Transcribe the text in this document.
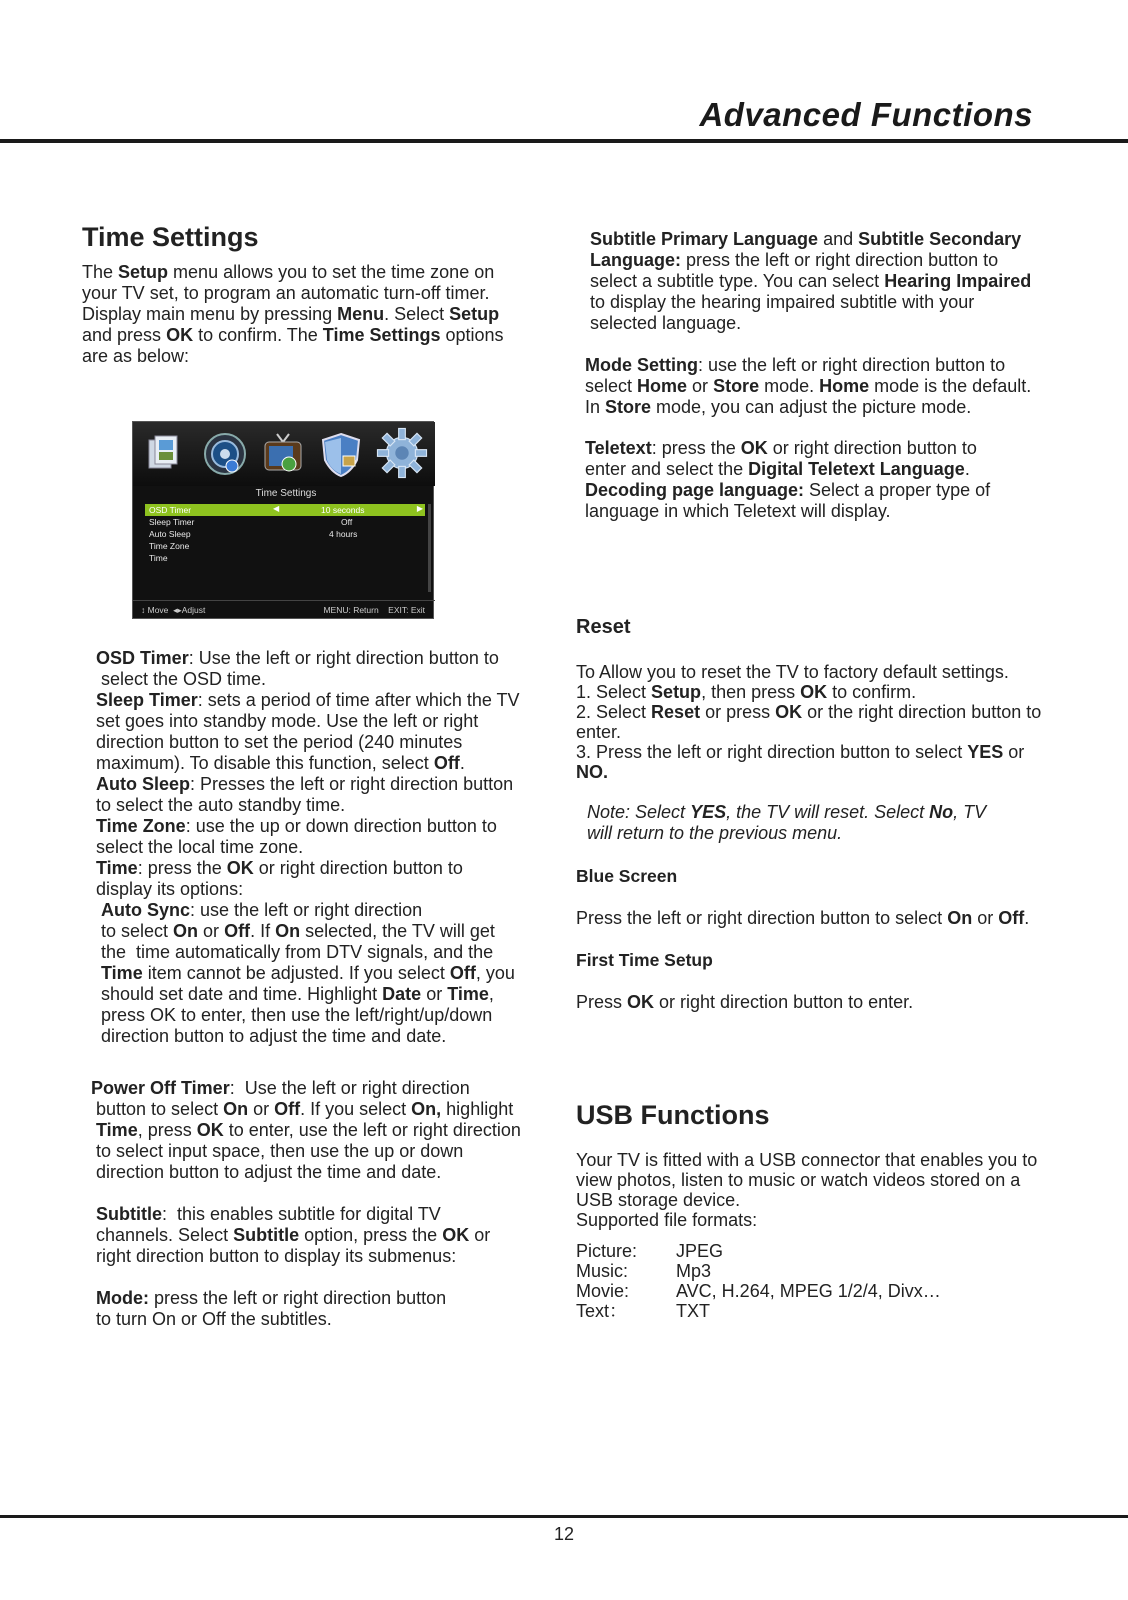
Advanced Functions
Time Settings
The Setup menu allows you to set the time zone on
your TV set, to program an automatic turn-off timer.
Display main menu by pressing Menu. Select Setup
and press OK to confirm. The Time Settings options
are as below:
Time Settings
OSD Timer	◀	10 seconds	▶
Sleep Timer	Off
Auto Sleep	4 hours
Time Zone
Time
↕ Move ◂▸Adjust	MENU: Return EXIT: Exit
OSD Timer: Use the left or right direction button to
select the OSD time.
Sleep Timer: sets a period of time after which the TV
set goes into standby mode. Use the left or right
direction button to set the period (240 minutes
maximum). To disable this function, select Off.
Auto Sleep: Presses the left or right direction button
to select the auto standby time.
Time Zone: use the up or down direction button to
select the local time zone.
Time: press the OK or right direction button to
display its options:
Auto Sync: use the left or right direction
to select On or Off. If On selected, the TV will get
the  time automatically from DTV signals, and the
Time item cannot be adjusted. If you select Off, you
should set date and time. Highlight Date or Time,
press OK to enter, then use the left/right/up/down
direction button to adjust the time and date.
Power Off Timer:  Use the left or right direction
button to select On or Off. If you select On, highlight
Time, press OK to enter, use the left or right direction
to select input space, then use the up or down
direction button to adjust the time and date.
Subtitle:  this enables subtitle for digital TV
channels. Select Subtitle option, press the OK or
right direction button to display its submenus:
Mode: press the left or right direction button
to turn On or Off the subtitles.
Subtitle Primary Language and Subtitle Secondary
Language: press the left or right direction button to
select a subtitle type. You can select Hearing Impaired
to display the hearing impaired subtitle with your
selected language.
Mode Setting: use the left or right direction button to
select Home or Store mode. Home mode is the default.
In Store mode, you can adjust the picture mode.
Teletext: press the OK or right direction button to
enter and select the Digital Teletext Language.
Decoding page language: Select a proper type of
language in which Teletext will display.
Reset
To Allow you to reset the TV to factory default settings.
1. Select Setup, then press OK to confirm.
2. Select Reset or press OK or the right direction button to
enter.
3. Press the left or right direction button to select YES or
NO.
Note: Select YES, the TV will reset. Select No, TV
will return to the previous menu.
Blue Screen
Press the left or right direction button to select On or Off.
First Time Setup
Press OK or right direction button to enter.
USB Functions
Your TV is fitted with a USB connector that enables you to
view photos, listen to music or watch videos stored on a
USB storage device.
Supported file formats:
Picture: JPEG
Music:	Mp3
Movie:	AVC, H.264, MPEG 1/2/4, Divx…
Text：	TXT
12
